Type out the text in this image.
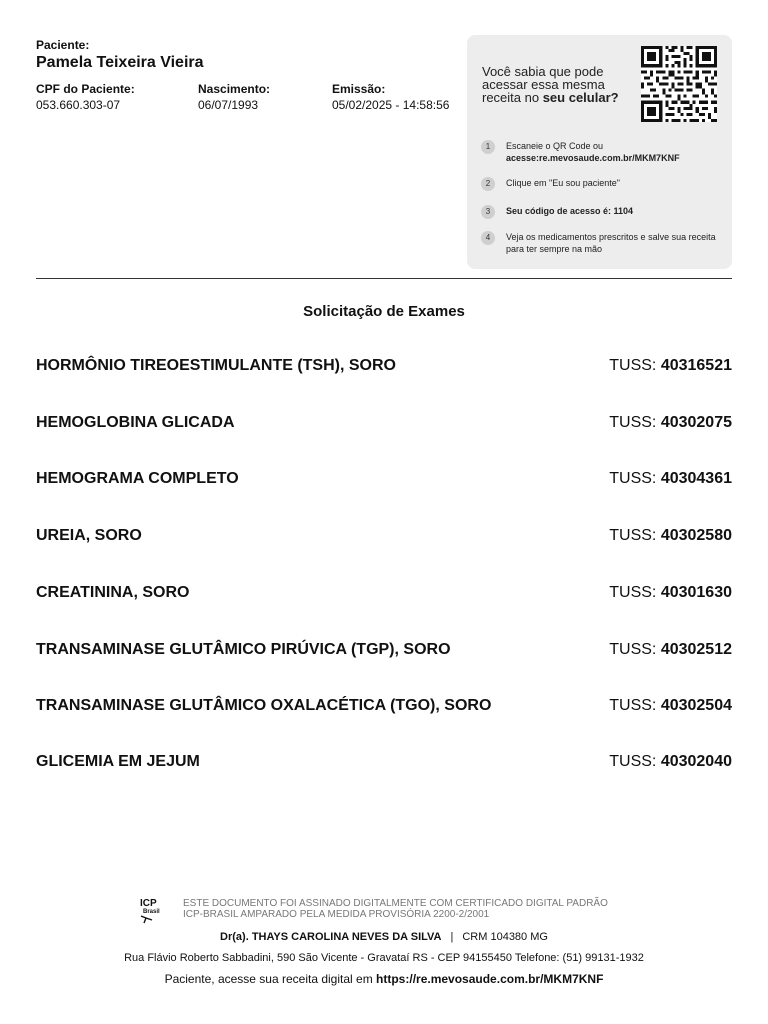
Paciente:
Pamela Teixeira Vieira
CPF do Paciente:
053.660.303-07
Nascimento:
06/07/1993
Emissão:
05/02/2025 - 14:58:56
Você sabia que pode
acessar essa mesma
receita no seu celular?
1	Escaneie o QR Code ou
acesse:re.mevosaude.com.br/MKM7KNF
2	Clique em "Eu sou paciente"
3	Seu código de acesso é: 1104
4	Veja os medicamentos prescritos e salve sua receita para ter sempre na mão
Solicitação de Exames
HORMÔNIO TIREOESTIMULANTE (TSH), SORO	TUSS: 40316521
HEMOGLOBINA GLICADA	TUSS: 40302075
HEMOGRAMA COMPLETO	TUSS: 40304361
UREIA, SORO	TUSS: 40302580
CREATININA, SORO	TUSS: 40301630
TRANSAMINASE GLUTÂMICO PIRÚVICA (TGP), SORO	TUSS: 40302512
TRANSAMINASE GLUTÂMICO OXALACÉTICA (TGO), SORO	TUSS: 40302504
GLICEMIA EM JEJUM	TUSS: 40302040
ICP
Brasil
ESTE DOCUMENTO FOI ASSINADO DIGITALMENTE COM CERTIFICADO DIGITAL PADRÃO
ICP-BRASIL AMPARADO PELA MEDIDA PROVISÓRIA 2200-2/2001
Dr(a). THAYS CAROLINA NEVES DA SILVA | CRM 104380 MG
Rua Flávio Roberto Sabbadini, 590 São Vicente - Gravataí RS - CEP 94155450 Telefone: (51) 99131-1932
Paciente, acesse sua receita digital em https://re.mevosaude.com.br/MKM7KNF
